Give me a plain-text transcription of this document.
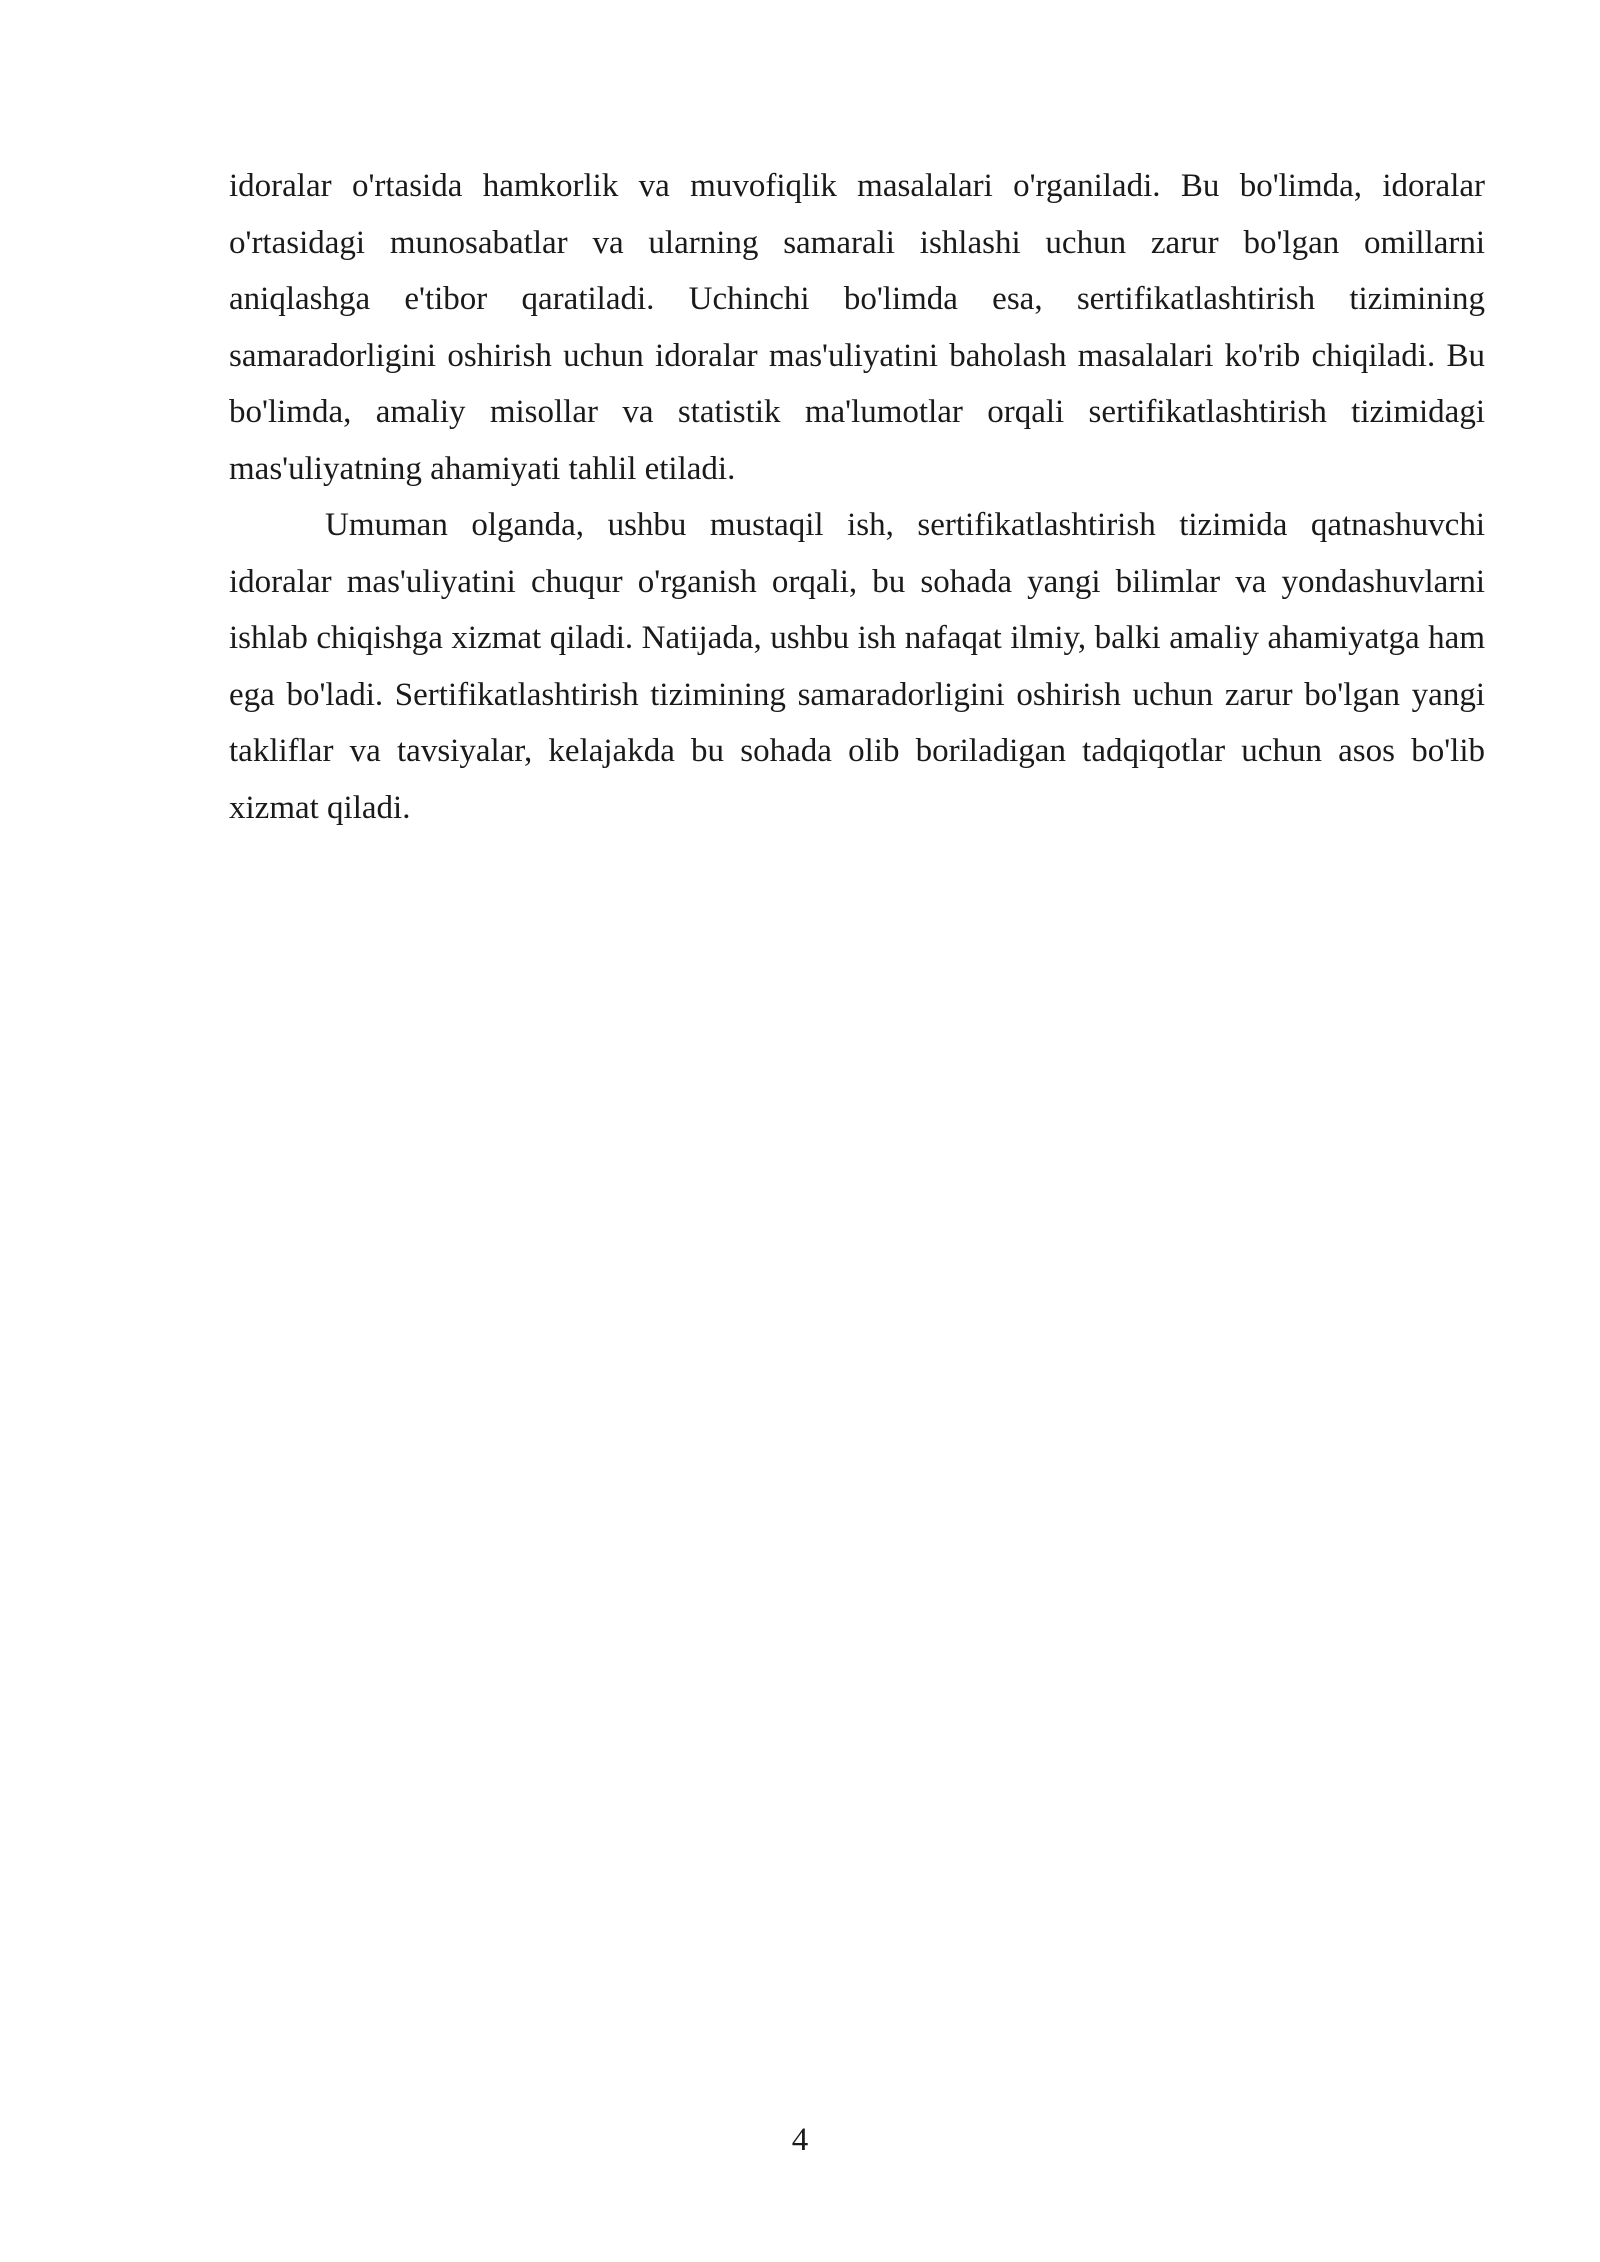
idoralar o'rtasida hamkorlik va muvofiqlik masalalari o'rganiladi. Bu bo'limda, idoralar o'rtasidagi munosabatlar va ularning samarali ishlashi uchun zarur bo'lgan omillarni aniqlashga e'tibor qaratiladi. Uchinchi bo'limda esa, sertifikatlashtirish tizimining samaradorligini oshirish uchun idoralar mas'uliyatini baholash masalalari ko'rib chiqiladi. Bu bo'limda, amaliy misollar va statistik ma'lumotlar orqali sertifikatlashtirish tizimidagi mas'uliyatning ahamiyati tahlil etiladi.

Umuman olganda, ushbu mustaqil ish, sertifikatlashtirish tizimida qatnashuvchi idoralar mas'uliyatini chuqur o'rganish orqali, bu sohada yangi bilimlar va yondashuvlarni ishlab chiqishga xizmat qiladi. Natijada, ushbu ish nafaqat ilmiy, balki amaliy ahamiyatga ham ega bo'ladi. Sertifikatlashtirish tizimining samaradorligini oshirish uchun zarur bo'lgan yangi takliflar va tavsiyalar, kelajakda bu sohada olib boriladigan tadqiqotlar uchun asos bo'lib xizmat qiladi.

4
